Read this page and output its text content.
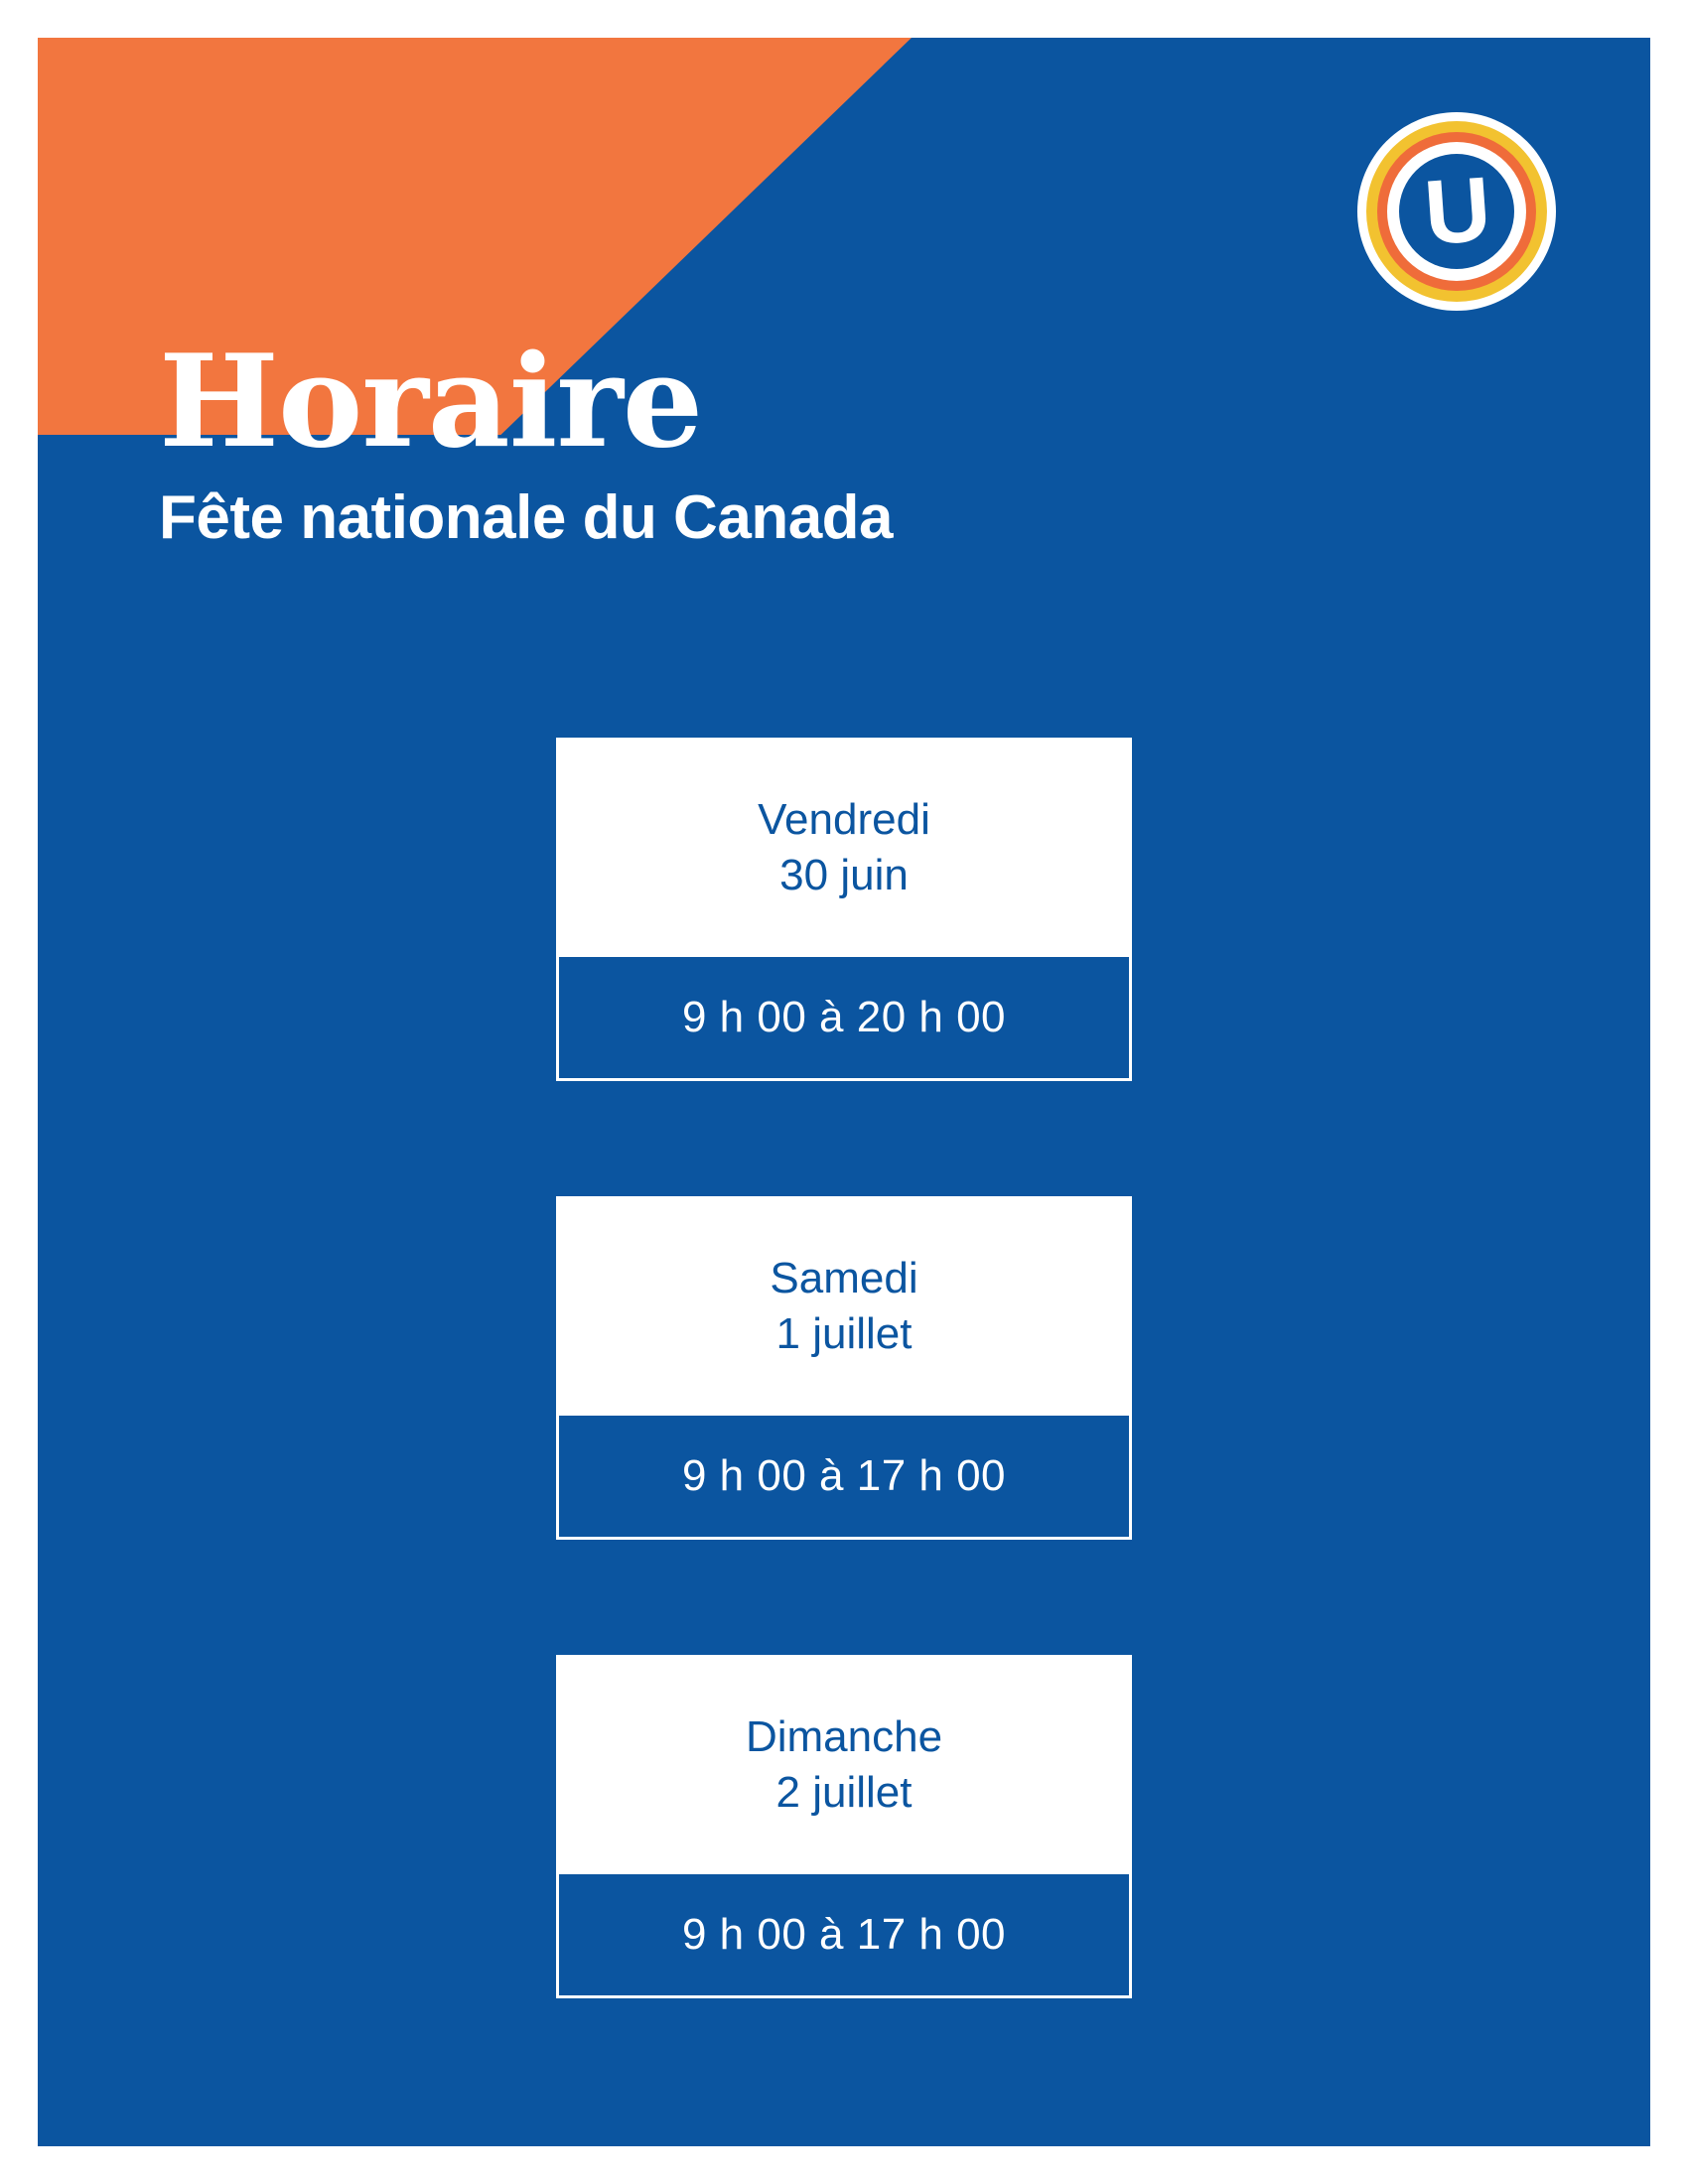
U
Horaire
Fête nationale du Canada
Vendredi
30 juin
9 h 00 à 20 h 00
Samedi
1 juillet
9 h 00 à 17 h 00
Dimanche
2 juillet
9 h 00 à 17 h 00
